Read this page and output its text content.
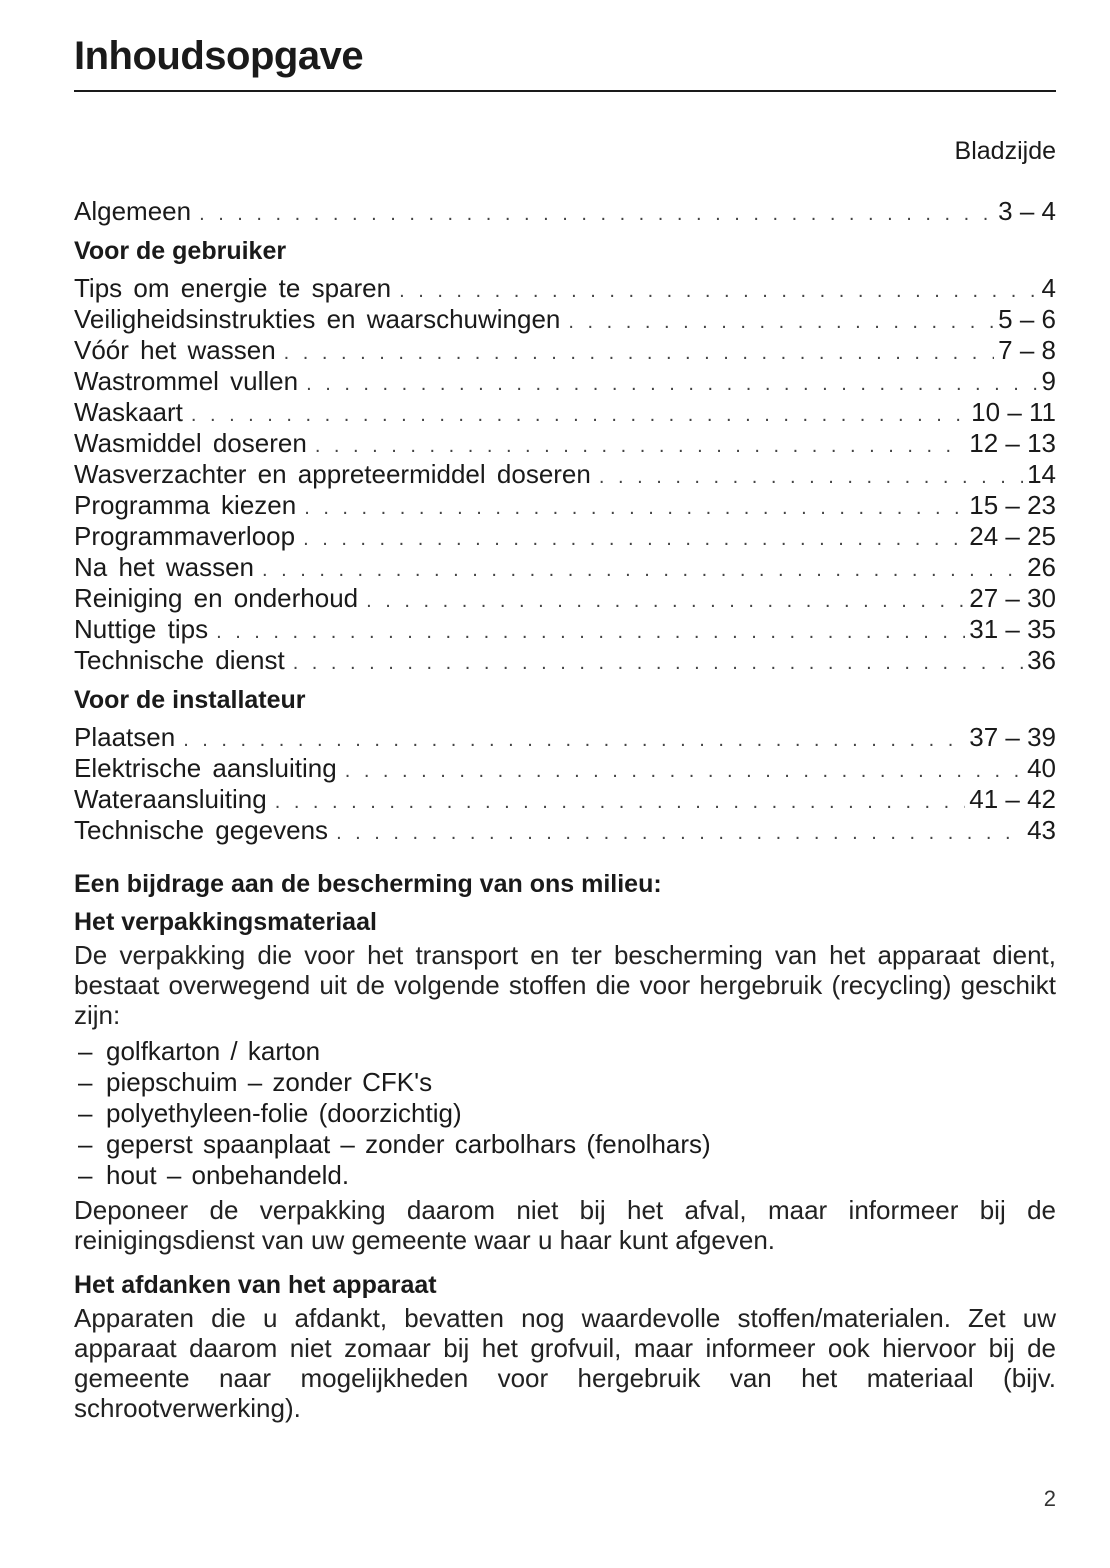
Inhoudsopgave
Bladzijde
Algemeen . . .	3 – 4
Voor de gebruiker
Tips om energie te sparen . . .	4
Veiligheidsinstrukties en waarschuwingen . . .	5 – 6
Vóór het wassen . . .	7 – 8
Wastrommel vullen . . .	9
Waskaart . . .	10 – 11
Wasmiddel doseren . . .	12 – 13
Wasverzachter en appreteermiddel doseren . . .	14
Programma kiezen . . .	15 – 23
Programmaverloop . . .	24 – 25
Na het wassen . . .	26
Reiniging en onderhoud . . .	27 – 30
Nuttige tips . . .	31 – 35
Technische dienst . . .	36
Voor de installateur
Plaatsen . . .	37 – 39
Elektrische aansluiting . . .	40
Wateraansluiting . . .	41 – 42
Technische gegevens . . .	43
Een bijdrage aan de bescherming van ons milieu:
Het verpakkingsmateriaal

De verpakking die voor het transport en ter bescherming van het apparaat dient, bestaat overwegend uit de volgende stoffen die voor hergebruik (recycling) geschikt zijn:

– golfkarton / karton
– piepschuim – zonder CFK's
– polyethyleen-folie (doorzichtig)
– geperst spaanplaat – zonder carbolhars (fenolhars)
– hout – onbehandeld.

Deponeer de verpakking daarom niet bij het afval, maar informeer bij de reinigingsdienst van uw gemeente waar u haar kunt afgeven.

Het afdanken van het apparaat

Apparaten die u afdankt, bevatten nog waardevolle stoffen/materialen. Zet uw apparaat daarom niet zomaar bij het grofvuil, maar informeer ook hiervoor bij de gemeente naar mogelijkheden voor hergebruik van het materiaal (bijv. schrootverwerking).

2
